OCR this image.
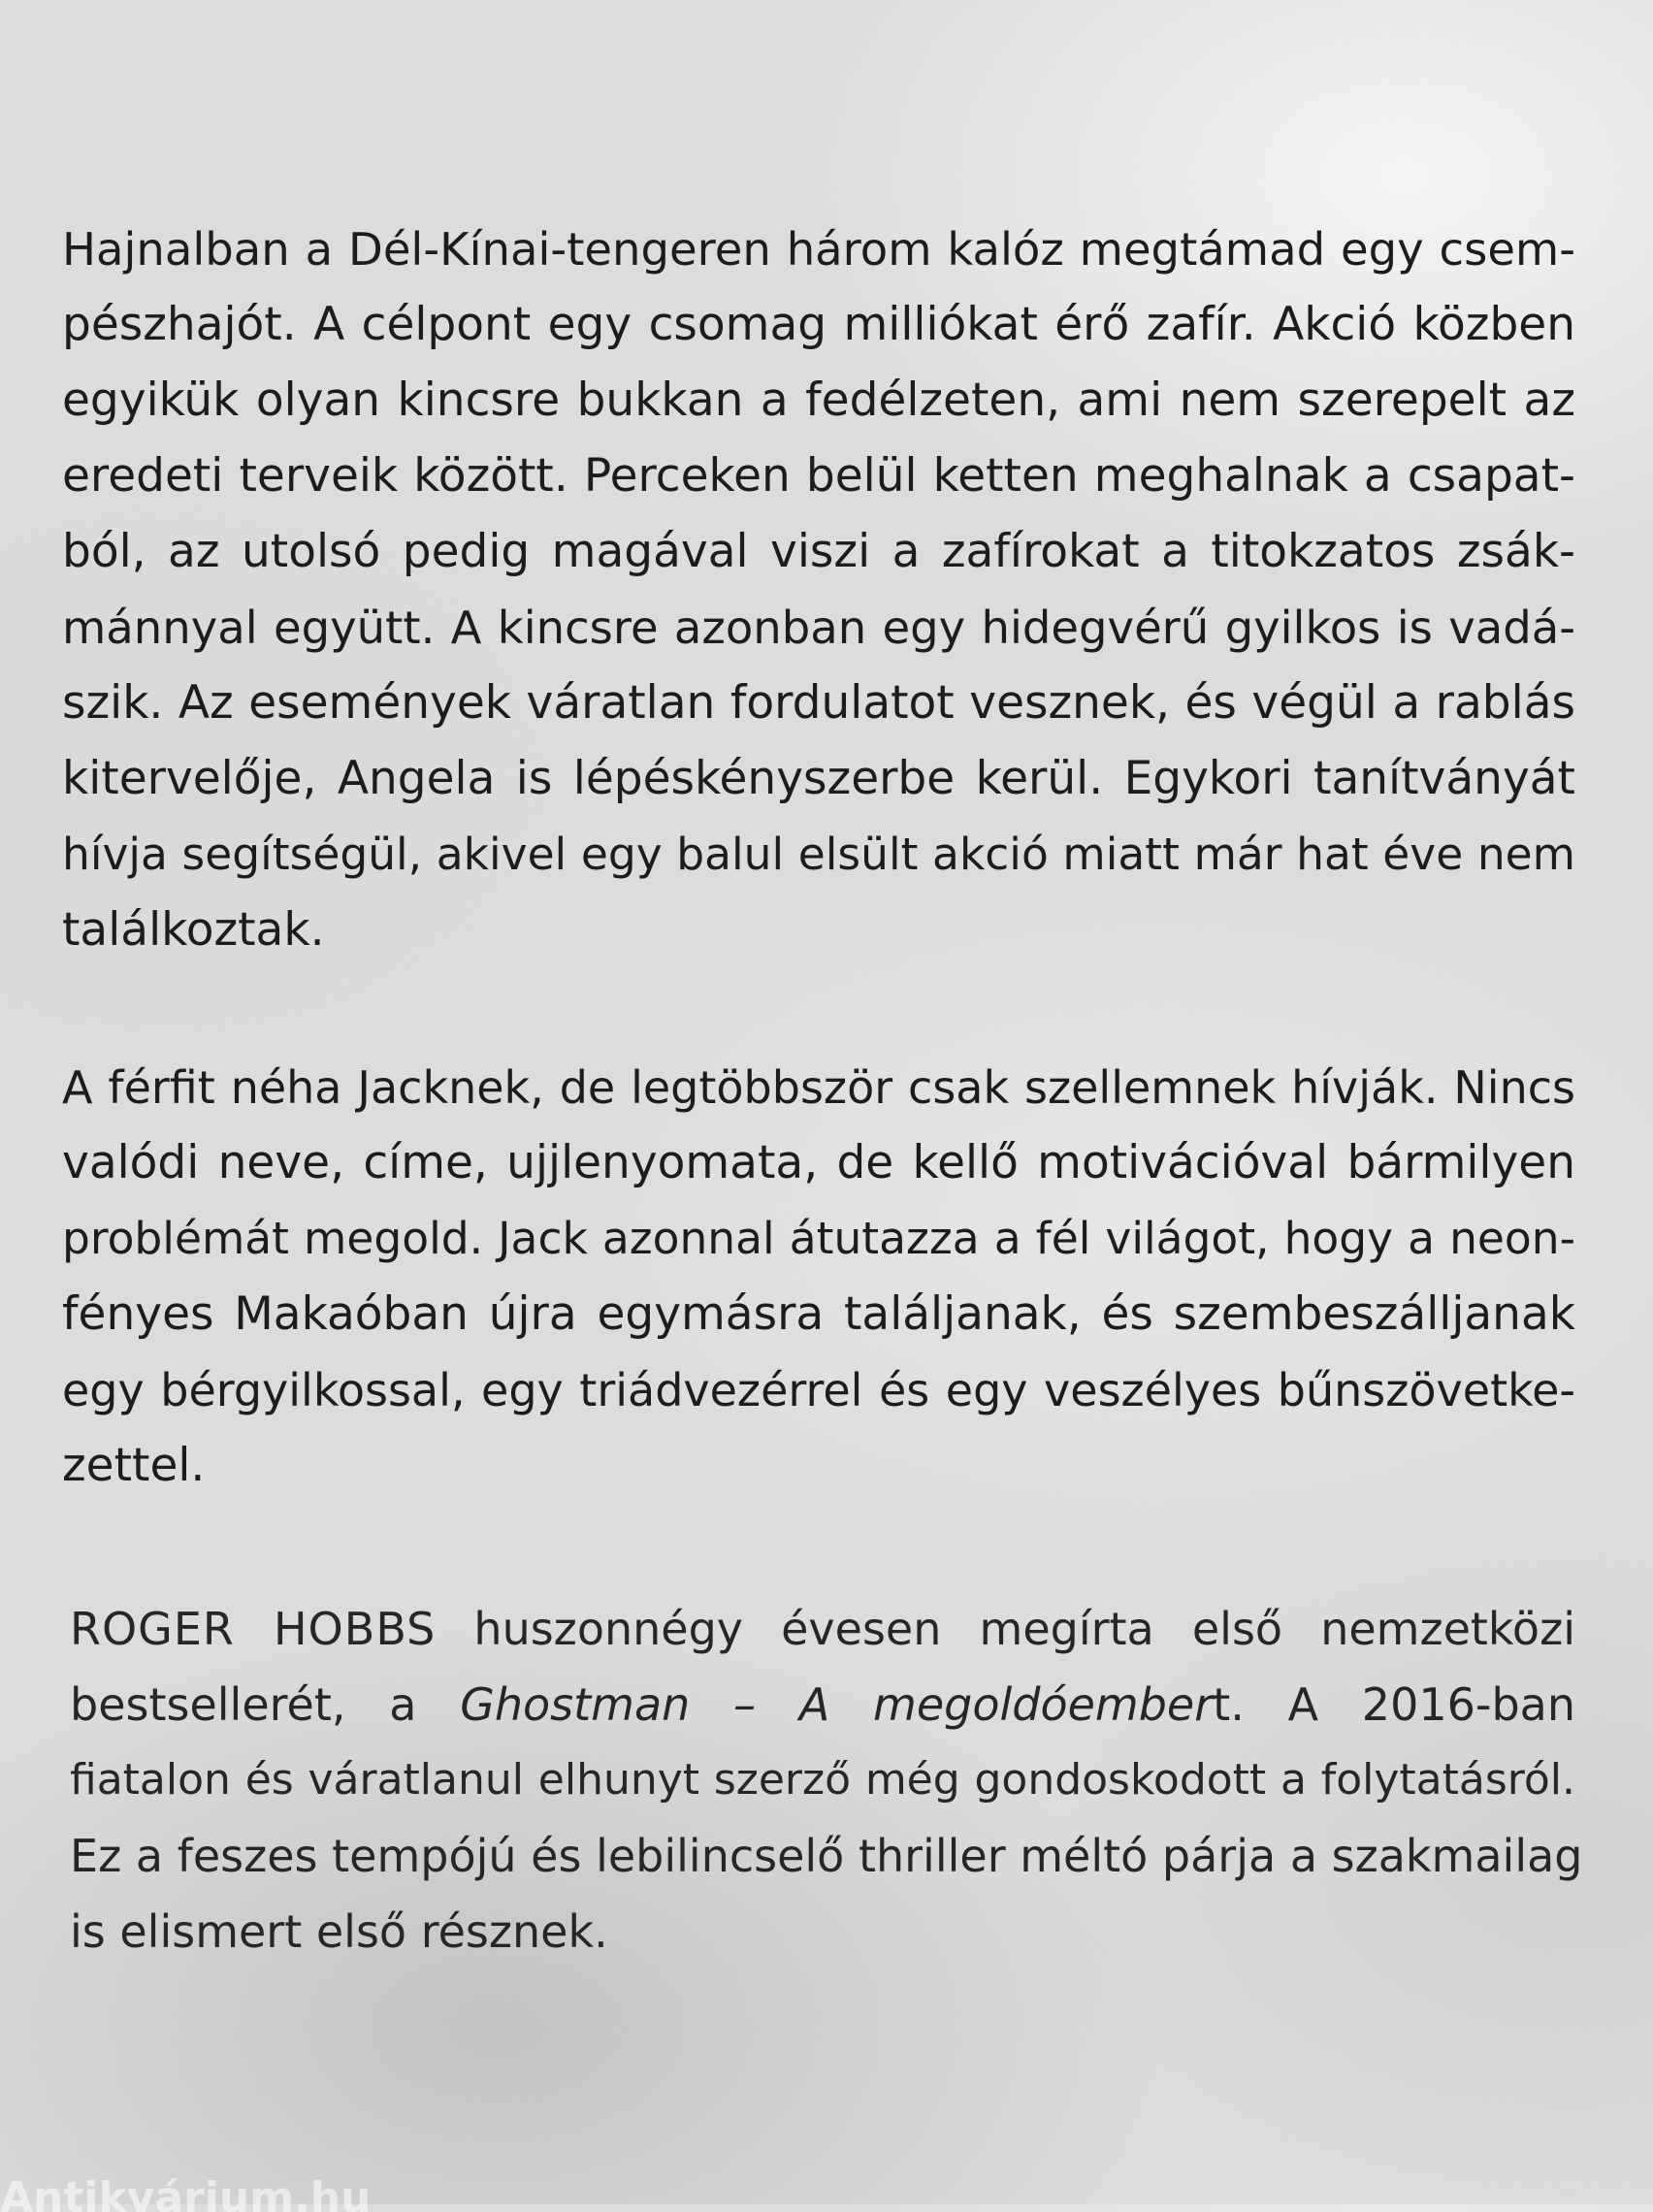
Hajnalban a Dél-Kínai-tengeren három kalóz megtámad egy csem-
pészhajót. A célpont egy csomag milliókat érő zafír. Akció közben
egyikük olyan kincsre bukkan a fedélzeten, ami nem szerepelt az
eredeti terveik között. Perceken belül ketten meghalnak a csapat-
ból, az utolsó pedig magával viszi a zafírokat a titokzatos zsák-
mánnyal együtt. A kincsre azonban egy hidegvérű gyilkos is vadá-
szik. Az események váratlan fordulatot vesznek, és végül a rablás
kitervelője, Angela is lépéskényszerbe kerül. Egykori tanítványát
hívja segítségül, akivel egy balul elsült akció miatt már hat éve nem
találkoztak.
A férfit néha Jacknek, de legtöbbször csak szellemnek hívják. Nincs
valódi neve, címe, ujjlenyomata, de kellő motivációval bármilyen
problémát megold. Jack azonnal átutazza a fél világot, hogy a neon-
fényes Makaóban újra egymásra találjanak, és szembeszálljanak
egy bérgyilkossal, egy triádvezérrel és egy veszélyes bűnszövetke-
zettel.
ROGER HOBBS huszonnégy évesen megírta első nemzetközi
bestsellerét, a Ghostman – A megoldóembert. A 2016-ban
fiatalon és váratlanul elhunyt szerző még gondoskodott a folytatásról.
Ez a feszes tempójú és lebilincselő thriller méltó párja a szakmailag
is elismert első résznek.
Antikvárium.hu
